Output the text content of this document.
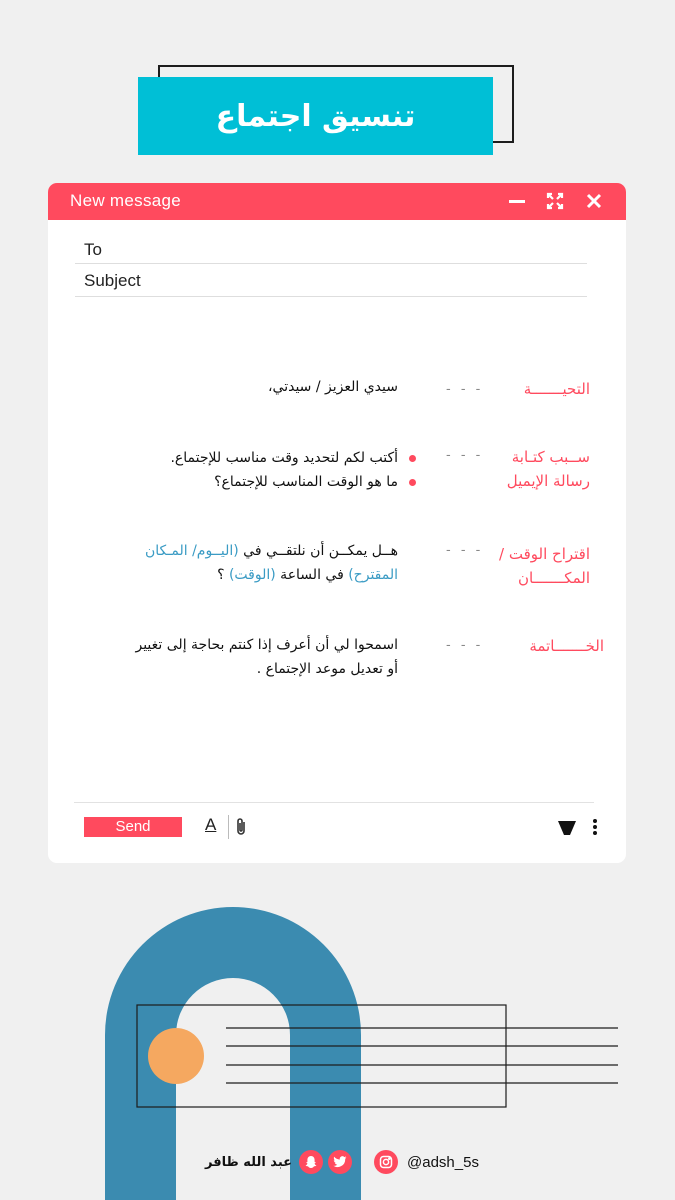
تنسيق اجتماع
New message
To
Subject
التحيـــــــة
- - -
سيدي العزيز / سيدتي،
ســبب كتـابة رسالة الإيميل
- - -
أكتب لكم لتحديد وقت مناسب للإجتماع.
ما هو الوقت المناسب للإجتماع؟
اقتراح الوقت / المكـــــــان
- - -
هــل يمكــن أن نلتقــي في (اليــوم/ المـكان
المقترح) في الساعة (الوقت) ؟
الخـــــــاتمة
- - -
اسمحوا لي أن أعرف إذا كنتم بحاجة إلى تغيير
أو تعديل موعد الإجتماع .
Send	A
عبد الله ظافر	@adsh_5s
